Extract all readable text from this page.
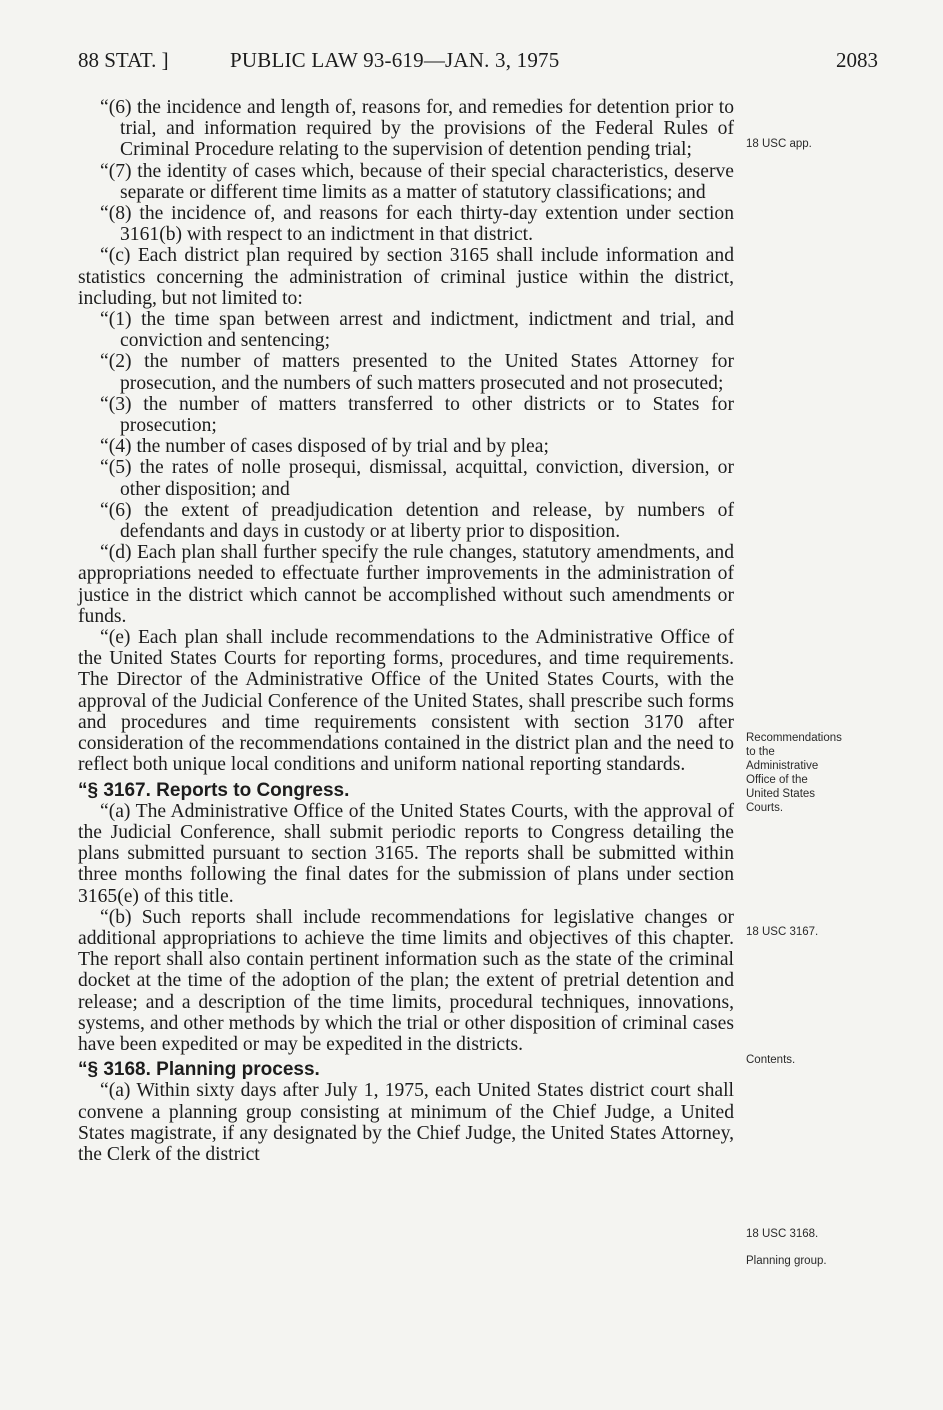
88 STAT. ]	PUBLIC LAW 93-619—JAN. 3, 1975	2083

“(6) the incidence and length of, reasons for, and remedies for detention prior to trial, and information required by the provisions of the Federal Rules of Criminal Procedure relating to the supervision of detention pending trial;

“(7) the identity of cases which, because of their special characteristics, deserve separate or different time limits as a matter of statutory classifications; and

“(8) the incidence of, and reasons for each thirty-day extention under section 3161(b) with respect to an indictment in that district.

“(c) Each district plan required by section 3165 shall include information and statistics concerning the administration of criminal justice within the district, including, but not limited to:

“(1) the time span between arrest and indictment, indictment and trial, and conviction and sentencing;

“(2) the number of matters presented to the United States Attorney for prosecution, and the numbers of such matters prosecuted and not prosecuted;

“(3) the number of matters transferred to other districts or to States for prosecution;

“(4) the number of cases disposed of by trial and by plea;

“(5) the rates of nolle prosequi, dismissal, acquittal, conviction, diversion, or other disposition; and

“(6) the extent of preadjudication detention and release, by numbers of defendants and days in custody or at liberty prior to disposition.

“(d) Each plan shall further specify the rule changes, statutory amendments, and appropriations needed to effectuate further improvements in the administration of justice in the district which cannot be accomplished without such amendments or funds.

“(e) Each plan shall include recommendations to the Administrative Office of the United States Courts for reporting forms, procedures, and time requirements. The Director of the Administrative Office of the United States Courts, with the approval of the Judicial Conference of the United States, shall prescribe such forms and procedures and time requirements consistent with section 3170 after consideration of the recommendations contained in the district plan and the need to reflect both unique local conditions and uniform national reporting standards.

“§ 3167. Reports to Congress.

“(a) The Administrative Office of the United States Courts, with the approval of the Judicial Conference, shall submit periodic reports to Congress detailing the plans submitted pursuant to section 3165. The reports shall be submitted within three months following the final dates for the submission of plans under section 3165(e) of this title.

“(b) Such reports shall include recommendations for legislative changes or additional appropriations to achieve the time limits and objectives of this chapter. The report shall also contain pertinent information such as the state of the criminal docket at the time of the adoption of the plan; the extent of pretrial detention and release; and a description of the time limits, procedural techniques, innovations, systems, and other methods by which the trial or other disposition of criminal cases have been expedited or may be expedited in the districts.

“§ 3168. Planning process.

“(a) Within sixty days after July 1, 1975, each United States district court shall convene a planning group consisting at minimum of the Chief Judge, a United States magistrate, if any designated by the Chief Judge, the United States Attorney, the Clerk of the district

18 USC app.
Recommendations to the Administrative Office of the United States Courts.
18 USC 3167.
Contents.
18 USC 3168.
Planning group.
